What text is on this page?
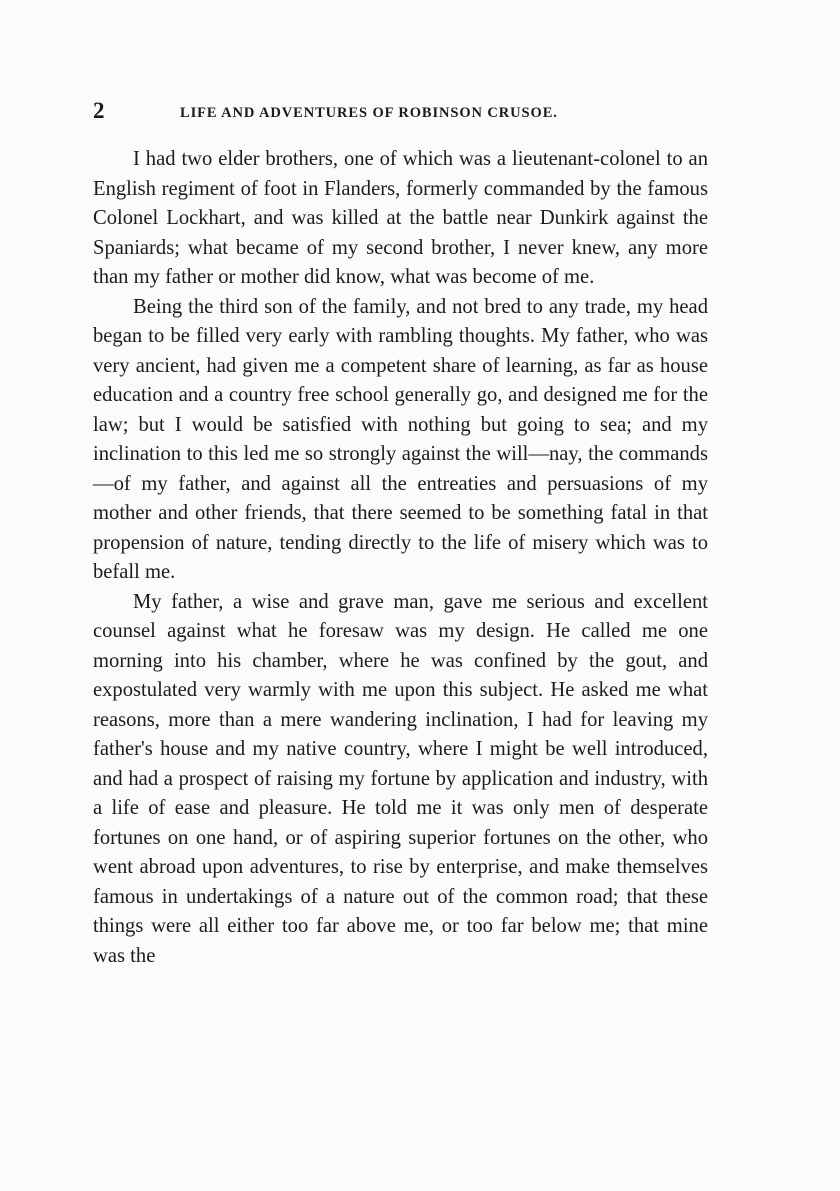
2	LIFE AND ADVENTURES OF ROBINSON CRUSOE.

I had two elder brothers, one of which was a lieutenant-colonel to an English regiment of foot in Flanders, formerly commanded by the famous Colonel Lockhart, and was killed at the battle near Dunkirk against the Spaniards; what became of my second brother, I never knew, any more than my father or mother did know, what was become of me.

Being the third son of the family, and not bred to any trade, my head began to be filled very early with rambling thoughts. My father, who was very ancient, had given me a competent share of learning, as far as house education and a country free school generally go, and designed me for the law; but I would be satisfied with nothing but going to sea; and my inclination to this led me so strongly against the will—nay, the commands —of my father, and against all the entreaties and persuasions of my mother and other friends, that there seemed to be something fatal in that propension of nature, tending directly to the life of misery which was to befall me.

My father, a wise and grave man, gave me serious and excellent counsel against what he foresaw was my design. He called me one morning into his chamber, where he was confined by the gout, and expostulated very warmly with me upon this subject. He asked me what reasons, more than a mere wandering inclination, I had for leaving my father's house and my native country, where I might be well introduced, and had a prospect of raising my fortune by application and industry, with a life of ease and pleasure. He told me it was only men of desperate fortunes on one hand, or of aspiring superior fortunes on the other, who went abroad upon adventures, to rise by enterprise, and make themselves famous in undertakings of a nature out of the common road; that these things were all either too far above me, or too far below me; that mine was the
